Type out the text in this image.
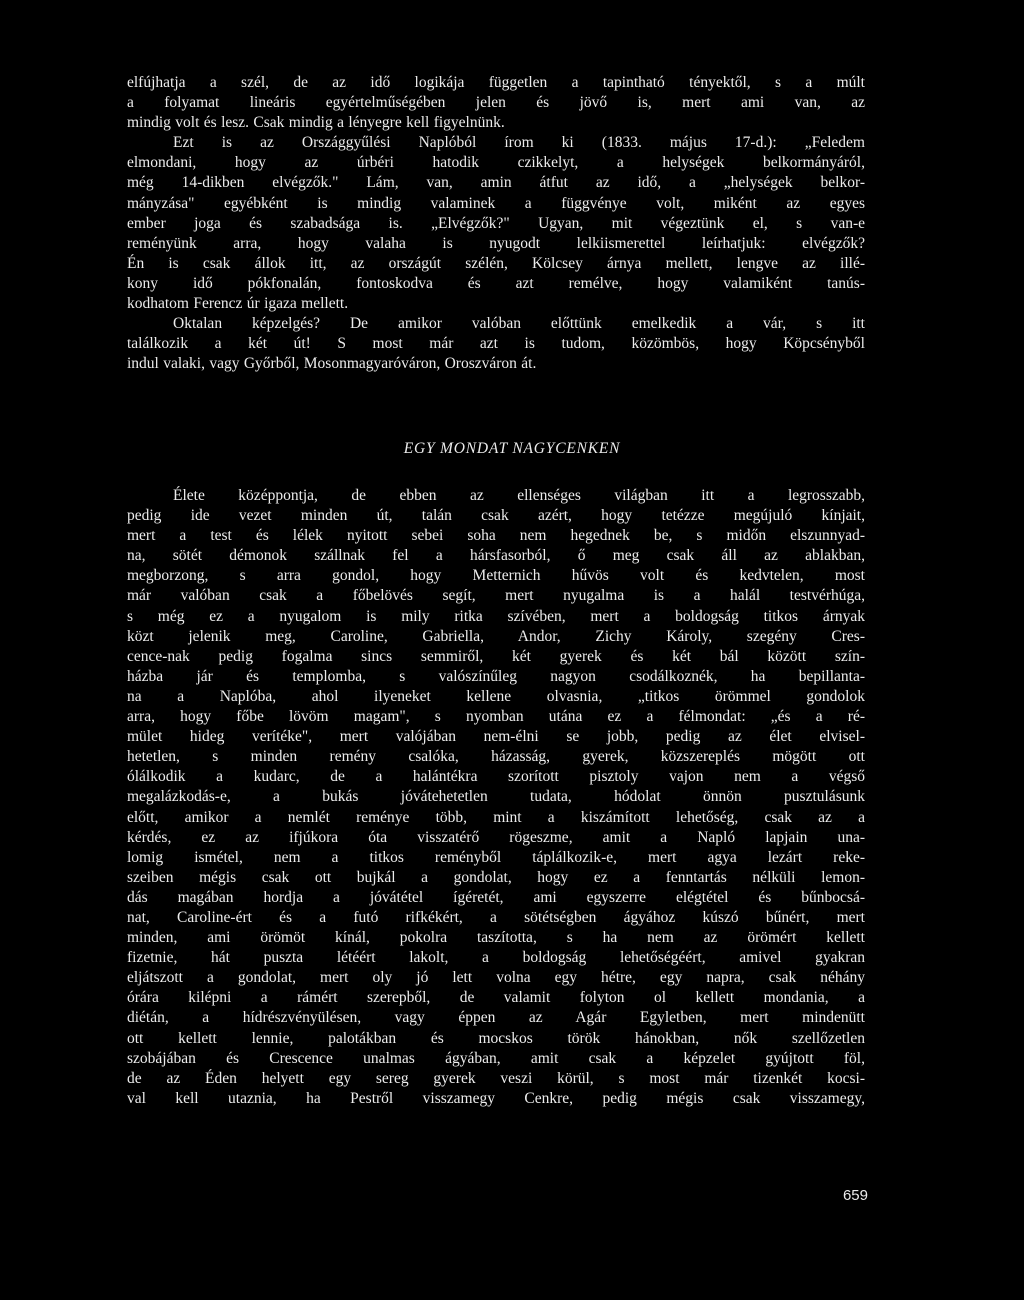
elfújhatja a szél, de az idő logikája független a tapintható tényektől, s a múlt
a folyamat lineáris egyértelműségében jelen és jövő is, mert ami van, az
mindig volt és lesz. Csak mindig a lényegre kell figyelnünk.
Ezt is az Országgyűlési Naplóból írom ki (1833. május 17-d.): „Feledem
elmondani, hogy az úrbéri hatodik czikkelyt, a helységek belkormányáról,
még 14-dikben elvégzők." Lám, van, amin átfut az idő, a „helységek belkor-
mányzása" egyébként is mindig valaminek a függvénye volt, miként az egyes
ember joga és szabadsága is. „Elvégzők?" Ugyan, mit végeztünk el, s van-e
reményünk arra, hogy valaha is nyugodt lelkiismerettel leírhatjuk: elvégzők?
Én is csak állok itt, az országút szélén, Kölcsey árnya mellett, lengve az illé-
kony idő pókfonalán, fontoskodva és azt remélve, hogy valamiként tanús-
kodhatom Ferencz úr igaza mellett.
Oktalan képzelgés? De amikor valóban előttünk emelkedik a vár, s itt
találkozik a két út! S most már azt is tudom, közömbös, hogy Köpcsényből
indul valaki, vagy Győrből, Mosonmagyaróváron, Oroszváron át.
EGY MONDAT NAGYCENKEN
Élete középpontja, de ebben az ellenséges világban itt a legrosszabb,
pedig ide vezet minden út, talán csak azért, hogy tetézze megújuló kínjait,
mert a test és lélek nyitott sebei soha nem hegednek be, s midőn elszunnyad-
na, sötét démonok szállnak fel a hársfasorból, ő meg csak áll az ablakban,
megborzong, s arra gondol, hogy Metternich hűvös volt és kedvtelen, most
már valóban csak a főbelövés segít, mert nyugalma is a halál testvérhúga,
s még ez a nyugalom is mily ritka szívében, mert a boldogság titkos árnyak
közt jelenik meg, Caroline, Gabriella, Andor, Zichy Károly, szegény Cres-
cence-nak pedig fogalma sincs semmiről, két gyerek és két bál között szín-
házba jár és templomba, s valószínűleg nagyon csodálkoznék, ha bepillanta-
na a Naplóba, ahol ilyeneket kellene olvasnia, „titkos örömmel gondolok
arra, hogy főbe lövöm magam", s nyomban utána ez a félmondat: „és a ré-
mület hideg verítéke", mert valójában nem-élni se jobb, pedig az élet elvisel-
hetetlen, s minden remény csalóka, házasság, gyerek, közszereplés mögött ott
ólálkodik a kudarc, de a halántékra szorított pisztoly vajon nem a végső
megalázkodás-e, a bukás jóvátehetetlen tudata, hódolat önnön pusztulásunk
előtt, amikor a nemlét reménye több, mint a kiszámított lehetőség, csak az a
kérdés, ez az ifjúkora óta visszatérő rögeszme, amit a Napló lapjain una-
lomig ismétel, nem a titkos reményből táplálkozik-e, mert agya lezárt reke-
szeiben mégis csak ott bujkál a gondolat, hogy ez a fenntartás nélküli lemon-
dás magában hordja a jóvátétel ígéretét, ami egyszerre elégtétel és bűnbocsá-
nat, Caroline-ért és a futó rifkékért, a sötétségben ágyához kúszó bűnért, mert
minden, ami örömöt kínál, pokolra taszította, s ha nem az örömért kellett
fizetnie, hát puszta létéért lakolt, a boldogság lehetőségéért, amivel gyakran
eljátszott a gondolat, mert oly jó lett volna egy hétre, egy napra, csak néhány
órára kilépni a rámért szerepből, de valamit folyton ol kellett mondania, a
diétán, a hídrészvényülésen, vagy éppen az Agár Egyletben, mert mindenütt
ott kellett lennie, palotákban és mocskos török hánokban, nők szellőzetlen
szobájában és Crescence unalmas ágyában, amit csak a képzelet gyújtott föl,
de az Éden helyett egy sereg gyerek veszi körül, s most már tizenkét kocsi-
val kell utaznia, ha Pestről visszamegy Cenkre, pedig mégis csak visszamegy,
659
